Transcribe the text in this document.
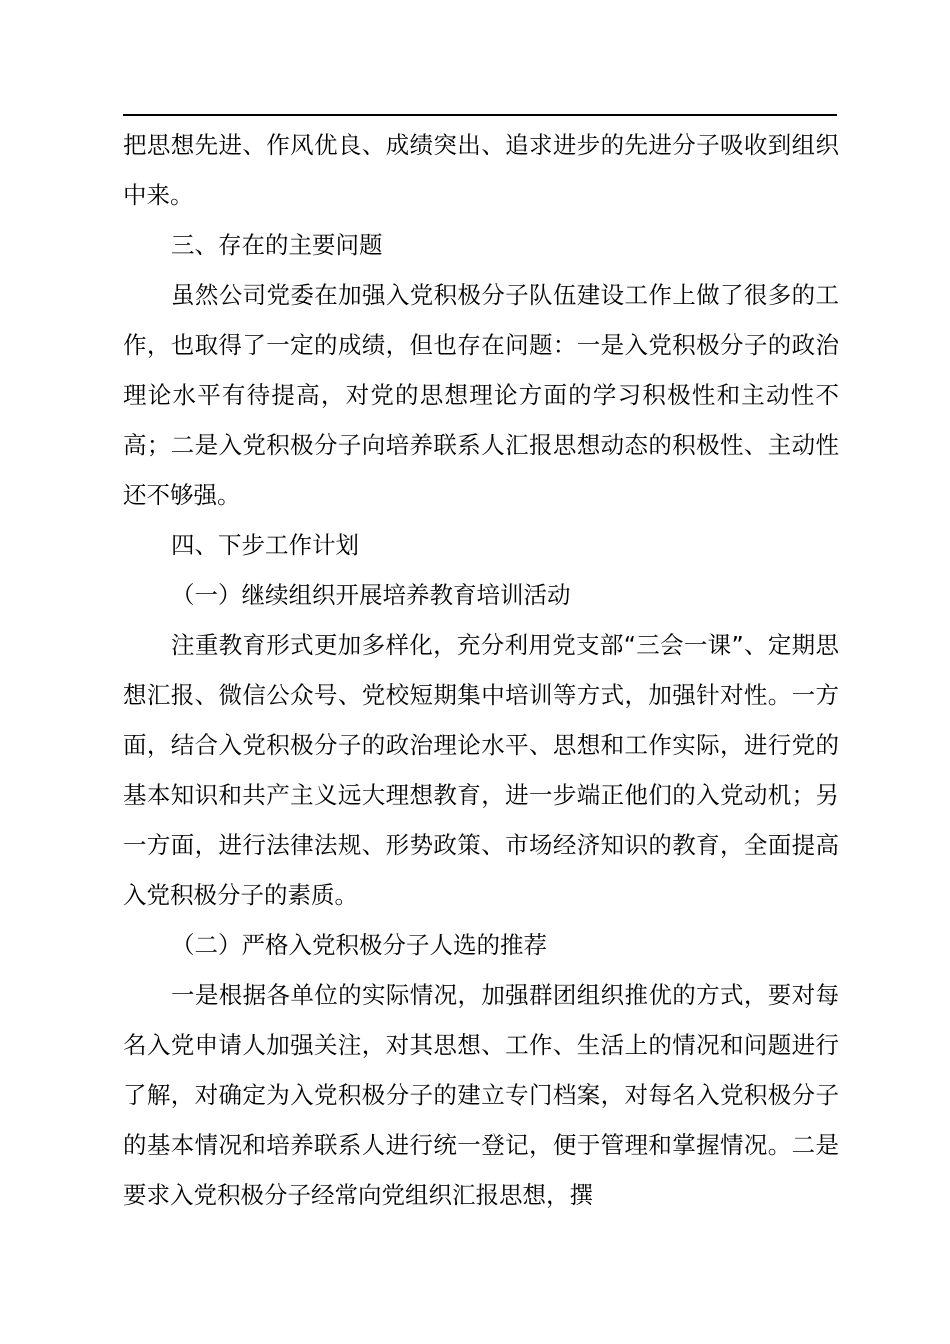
把思想先进、作风优良、成绩突出、追求进步的先进分子吸收到组织中来。

三、存在的主要问题

虽然公司党委在加强入党积极分子队伍建设工作上做了很多的工作，也取得了一定的成绩，但也存在问题：一是入党积极分子的政治理论水平有待提高，对党的思想理论方面的学习积极性和主动性不高；二是入党积极分子向培养联系人汇报思想动态的积极性、主动性还不够强。

四、下步工作计划

（一）继续组织开展培养教育培训活动

注重教育形式更加多样化，充分利用党支部“三会一课”、定期思想汇报、微信公众号、党校短期集中培训等方式，加强针对性。一方面，结合入党积极分子的政治理论水平、思想和工作实际，进行党的基本知识和共产主义远大理想教育，进一步端正他们的入党动机；另一方面，进行法律法规、形势政策、市场经济知识的教育，全面提高入党积极分子的素质。

（二）严格入党积极分子人选的推荐

一是根据各单位的实际情况，加强群团组织推优的方式，要对每名入党申请人加强关注，对其思想、工作、生活上的情况和问题进行了解，对确定为入党积极分子的建立专门档案，对每名入党积极分子的基本情况和培养联系人进行统一登记，便于管理和掌握情况。二是要求入党积极分子经常向党组织汇报思想，撰
